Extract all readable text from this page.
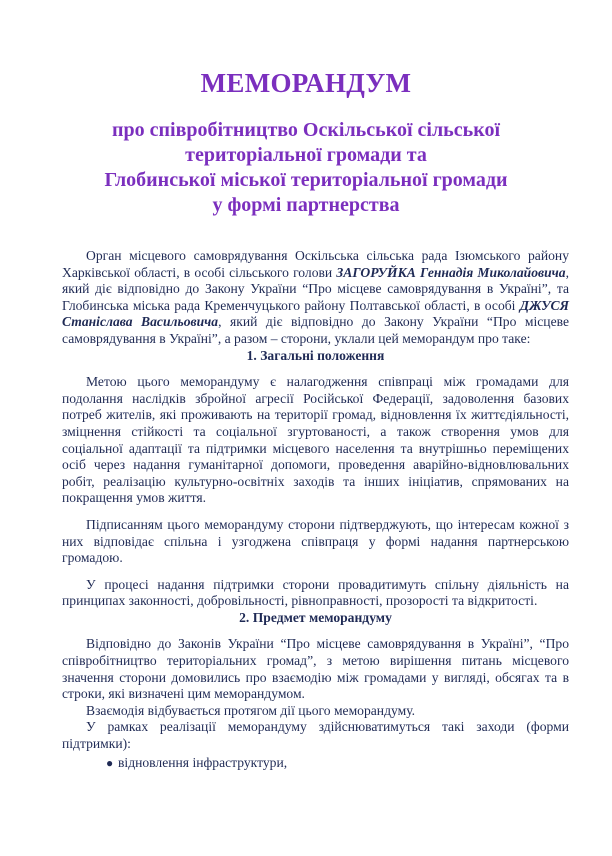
МЕМОРАНДУМ
про співробітництво Оскільської сільської
територіальної громади та
Глобинської міської територіальної громади
у формі партнерства

Орган місцевого самоврядування Оскільська сільська рада Ізюмського району Харківської області, в особі сільського голови ЗАГОРУЙКА Геннадія Миколайовича, який діє відповідно до Закону України “Про місцеве самоврядування в Україні”, та Глобинська міська рада Кременчуцького району Полтавської області, в особі ДЖУСЯ Станіслава Васильовича, який діє відповідно до Закону України “Про місцеве самоврядування в Україні”, а разом – сторони, уклали цей меморандум про таке:

1. Загальні положення

Метою цього меморандуму є налагодження співпраці між громадами для подолання наслідків збройної агресії Російської Федерації, задоволення базових потреб жителів, які проживають на території громад, відновлення їх життєдіяльності, зміцнення стійкості та соціальної згуртованості, а також створення умов для соціальної адаптації та підтримки місцевого населення та внутрішньо переміщених осіб через надання гуманітарної допомоги, проведення аварійно-відновлювальних робіт, реалізацію культурно-освітніх заходів та інших ініціатив, спрямованих на покращення умов життя.

Підписанням цього меморандуму сторони підтверджують, що інтересам кожної з них відповідає спільна і узгоджена співпраця у формі надання партнерською громадою.

У процесі надання підтримки сторони провадитимуть спільну діяльність на принципах законності, добровільності, рівноправності, прозорості та відкритості.

2. Предмет меморандуму

Відповідно до Законів України “Про місцеве самоврядування в Україні”, “Про співробітництво територіальних громад”, з метою вирішення питань місцевого значення сторони домовились про взаємодію між громадами у вигляді, обсягах та в строки, які визначені цим меморандумом.

Взаємодія відбувається протягом дії цього меморандуму.

У рамках реалізації меморандуму здійснюватимуться такі заходи (форми підтримки):

● відновлення інфраструктури,
